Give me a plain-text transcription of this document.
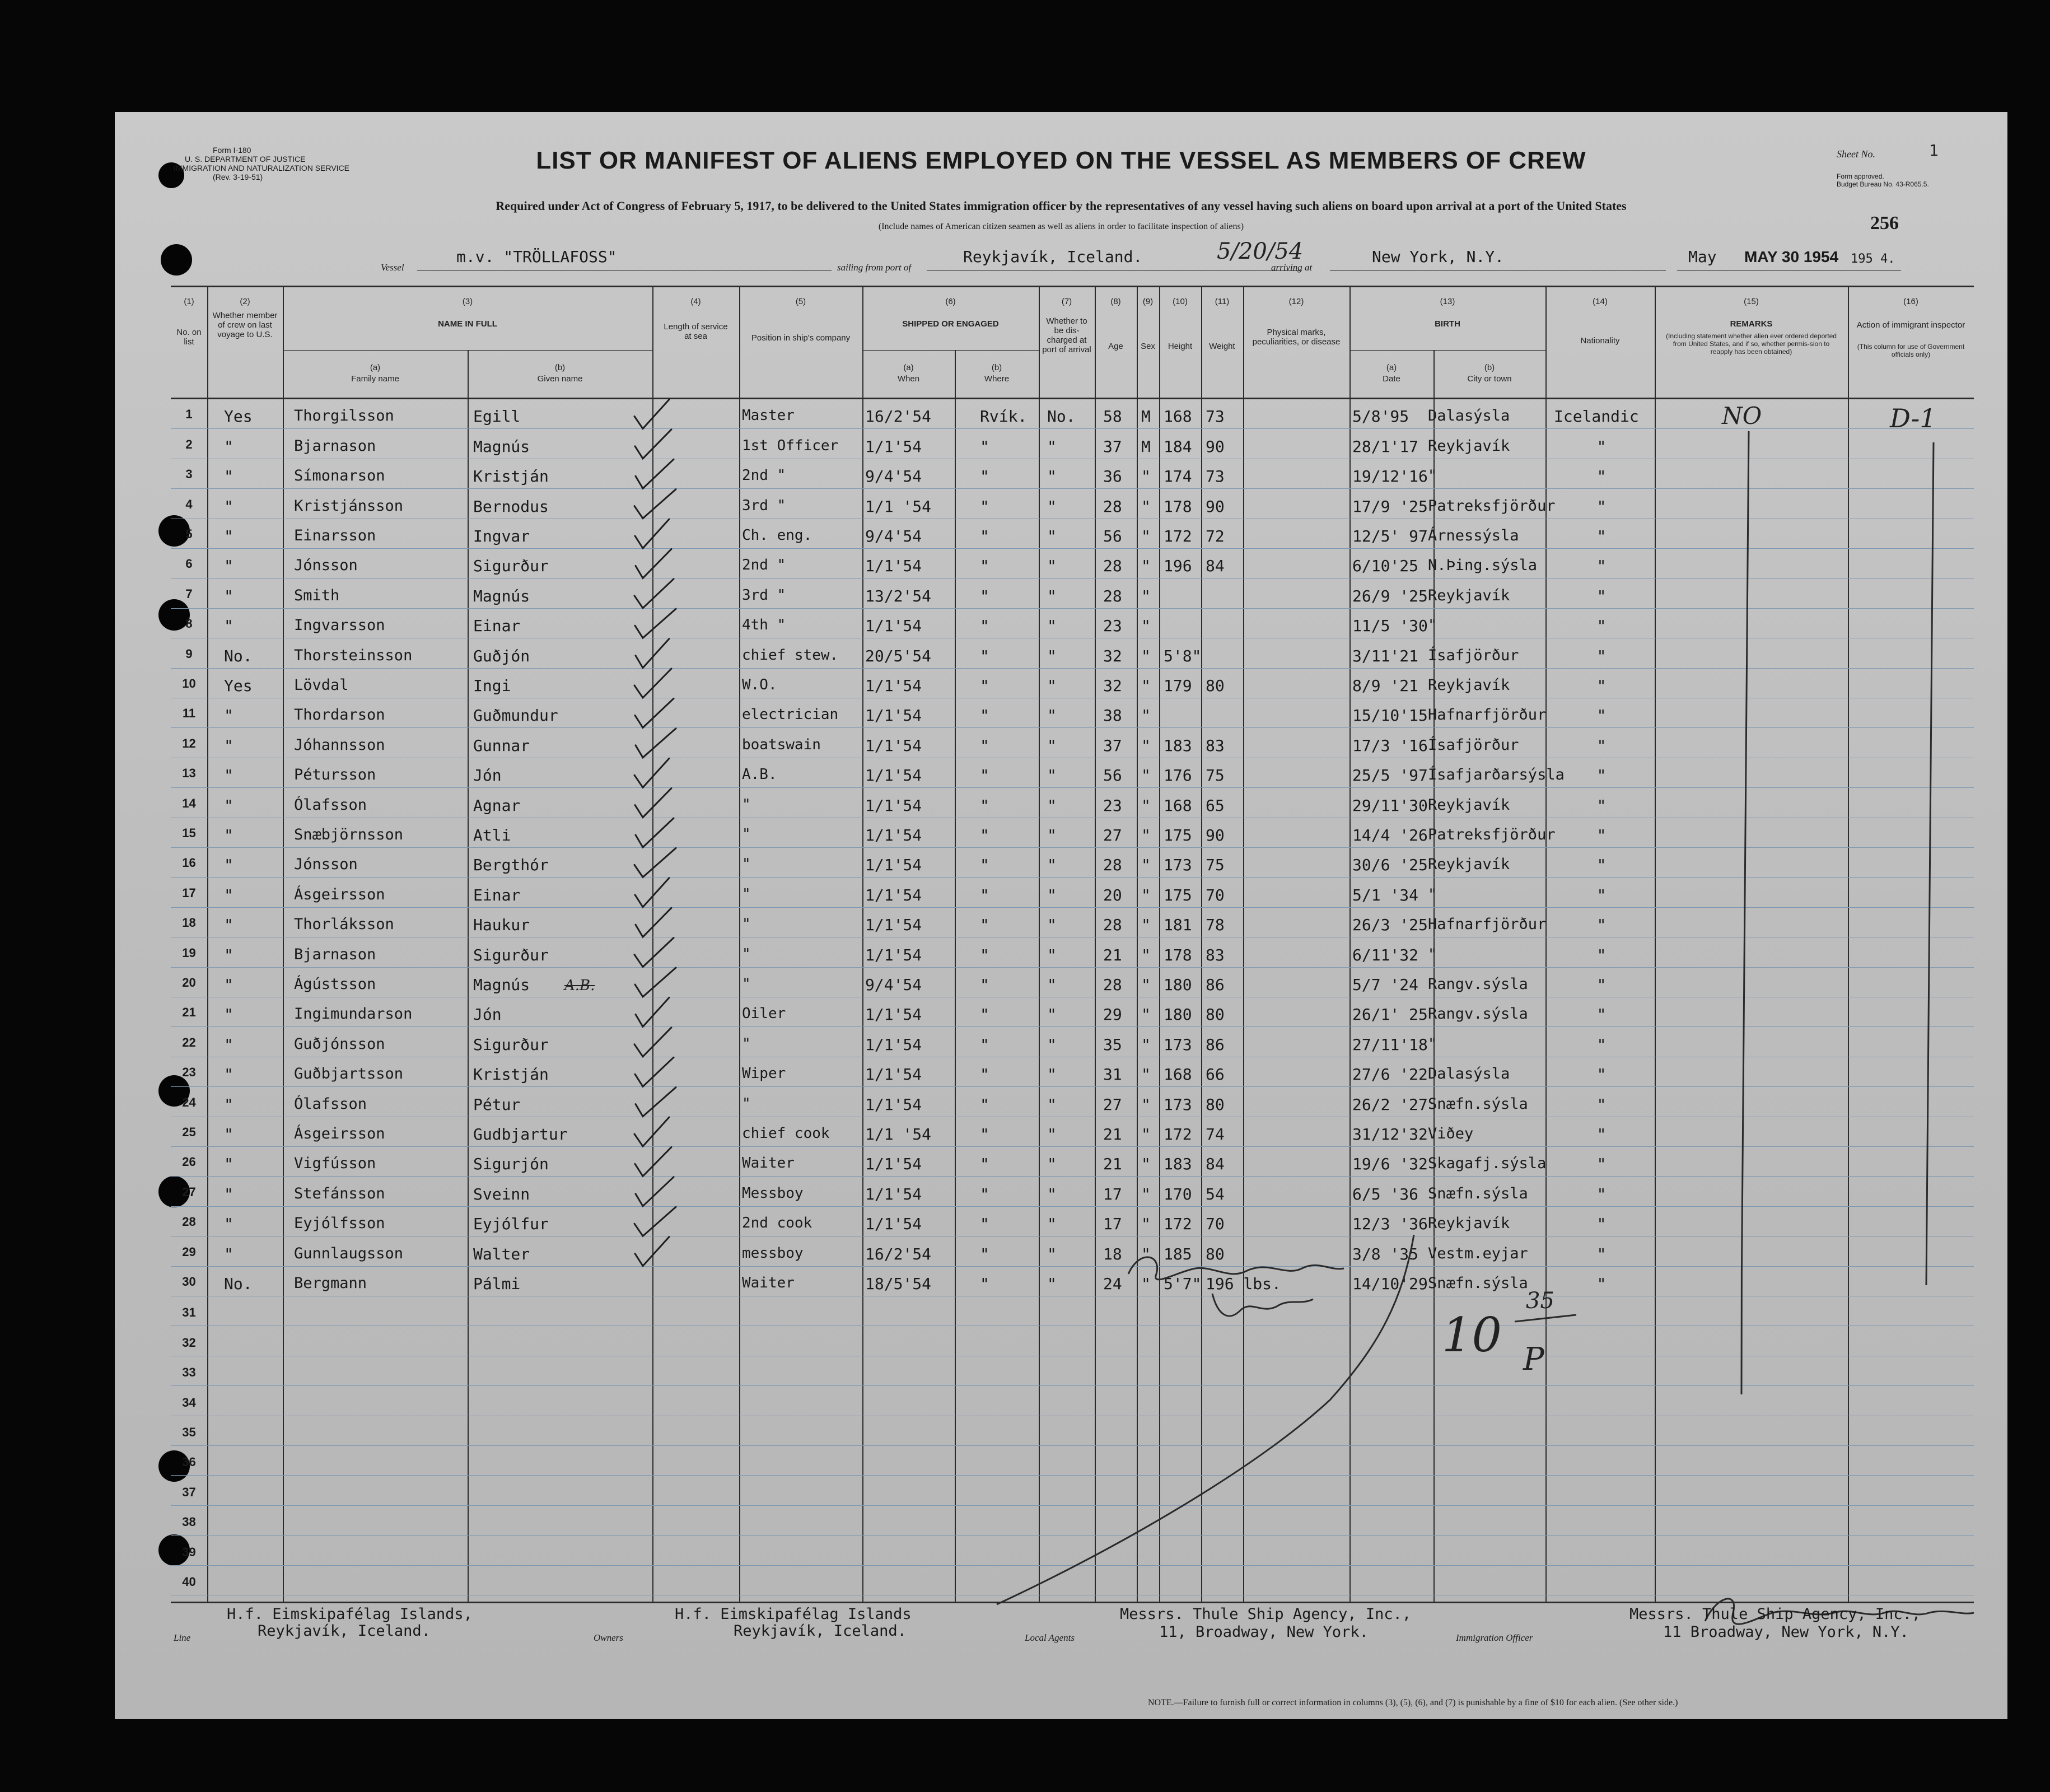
Form I-180
U. S. DEPARTMENT OF JUSTICE
IMMIGRATION AND NATURALIZATION SERVICE
(Rev. 3-19-51)
LIST OR MANIFEST OF ALIENS EMPLOYED ON THE VESSEL AS MEMBERS OF CREW
Required under Act of Congress of February 5, 1917, to be delivered to the United States immigration officer by the representatives of any vessel having such aliens on board upon arrival at a port of the United States
(Include names of American citizen seamen as well as aliens in order to facilitate inspection of aliens)
Sheet No.	1
Form approved.
Budget Bureau No. 43-R065.5.
256
Vessel
m.v. "TRÖLLAFOSS"
sailing from port of
Reykjavík, Iceland.	5/20/54
arriving at
New York, N.Y.	May MAY 30 1954 195 4.
(1)	(2)	(3)	(4)	(5)	(6)	(7)	(8)	(9)	(10)	(11)	(12)	(13)	(14)	(15)	(16)
No. on list
Whether member of crew on last voyage to U.S.
NAME IN FULL
(a)
Family name
(b)
Given name
Length of service at sea	Position in ship's company
SHIPPED OR ENGAGED
(a)
When
(b)
Where
Whether to be dis-charged at port of arrival	Age	Sex	Height	Weight
Physical marks, peculiarities, or disease
BIRTH
(a)
Date
(b)
City or town
Nationality
REMARKS
(Including statement whether alien ever ordered deported from United States, and if so, whether permis-sion to reapply has been obtained)
Action of immigrant inspector
(This column for use of Government officials only)
1	Yes	Thorgilsson	Egill	Master	16/2'54	Rvík. No. 58 M 168 73	5/8'95 Dalasýsla	Icelandic
2	"	Bjarnason	Magnús	1st Officer 1/1'54	"	"	37 M 184 90	28/1'17 Reykjavík	"
3	"	Símonarson	Kristján	2nd "	9/4'54	"	"	36 " 174 73	19/12'16 "	"
4	"	Kristjánsson	Bernodus	3rd "	1/1 '54	"	"	28 " 178 90	17/9 '25 Patreksfjörður	"
5	"	Einarsson	Ingvar	Ch. eng.	9/4'54	"	"	56 " 172 72	12/5' 97 Árnessýsla	"
6	"	Jónsson	Sigurður	2nd "	1/1'54	"	"	28 " 196 84	6/10'25 N.Þing.sýsla	"
7	"	Smith	Magnús	3rd "	13/2'54	"	"	28 "	26/9 '25 Reykjavík	"
8	"	Ingvarsson	Einar	4th "	1/1'54	"	"	23 "	11/5 '30 "	"
9	No.	Thorsteinsson	Guðjón	chief stew. 20/5'54	"	"	32 " 5'8"	3/11'21 Ísafjörður	"
10	Yes	Lövdal	Ingi	W.O.	1/1'54	"	"	32 " 179 80	8/9 '21 Reykjavík	"
11	"	Thordarson	Guðmundur	electrician 1/1'54	"	"	38 "	15/10'15 Hafnarfjörður	"
12	"	Jóhannsson	Gunnar	boatswain	1/1'54	"	"	37 " 183 83	17/3 '16 Ísafjörður	"
13	"	Pétursson	Jón	A.B.	1/1'54	"	"	56 " 176 75	25/5 '97 Ísafjarðarsýsla	"
14	"	Ólafsson	Agnar	"	1/1'54	"	"	23 " 168 65	29/11'30 Reykjavík	"
15	"	Snæbjörnsson	Atli	"	1/1'54	"	"	27 " 175 90	14/4 '26 Patreksfjörður	"
16	"	Jónsson	Bergthór	"	1/1'54	"	"	28 " 173 75	30/6 '25 Reykjavík	"
17	"	Ásgeirsson	Einar	"	1/1'54	"	"	20 " 175 70	5/1 '34 "	"
18	"	Thorláksson	Haukur	"	1/1'54	"	"	28 " 181 78	26/3 '25 Hafnarfjörður	"
19	"	Bjarnason	Sigurður	"	1/1'54	"	"	21 " 178 83	6/11'32 "	"
20	"	Ágústsson	Magnús	"	9/4'54	"	"	28 " 180 86	5/7 '24 Rangv.sýsla	"
21	"	Ingimundarson	Jón	Oiler	1/1'54	"	"	29 " 180 80	26/1' 25 Rangv.sýsla	"
22	"	Guðjónsson	Sigurður	"	1/1'54	"	"	35 " 173 86	27/11'18 "	"
23	"	Guðbjartsson	Kristján	Wiper	1/1'54	"	"	31 " 168 66	27/6 '22 Dalasýsla	"
24	"	Ólafsson	Pétur	"	1/1'54	"	"	27 " 173 80	26/2 '27 Snæfn.sýsla	"
25	"	Ásgeirsson	Gudbjartur	chief cook 1/1 '54	"	"	21 " 172 74	31/12'32 Viðey	"
26	"	Vigfússon	Sigurjón	Waiter	1/1'54	"	"	21 " 183 84	19/6 '32 Skagafj.sýsla	"
27	"	Stefánsson	Sveinn	Messboy	1/1'54	"	"	17 " 170 54	6/5 '36 Snæfn.sýsla	"
28	"	Eyjólfsson	Eyjólfur	2nd cook	1/1'54	"	"	17 " 172 70	12/3 '36 Reykjavík	"
29	"	Gunnlaugsson	Walter	messboy	16/2'54	"	"	18 " 185 80	3/8 '35 Vestm.eyjar	"
30	No.	Bergmann	Pálmi	Waiter	18/5'54	"	"	24 " 5'7" 196 lbs.	14/10'29 Snæfn.sýsla	"
31
32
33
34
35
36
37
38
39
40
NO	D-1
A.B.
10
35
P
Line
H.f. Eimskipafélag Islands,
Reykjavík, Iceland.	Owners
H.f. Eimskipafélag Islands
Reykjavík, Iceland.	Local Agents
Messrs. Thule Ship Agency, Inc.,
11, Broadway, New York.	Immigration Officer
Messrs. Thule Ship Agency, Inc.,
11 Broadway, New York, N.Y.
NOTE.—Failure to furnish full or correct information in columns (3), (5), (6), and (7) is punishable by a fine of $10 for each alien. (See other side.)
